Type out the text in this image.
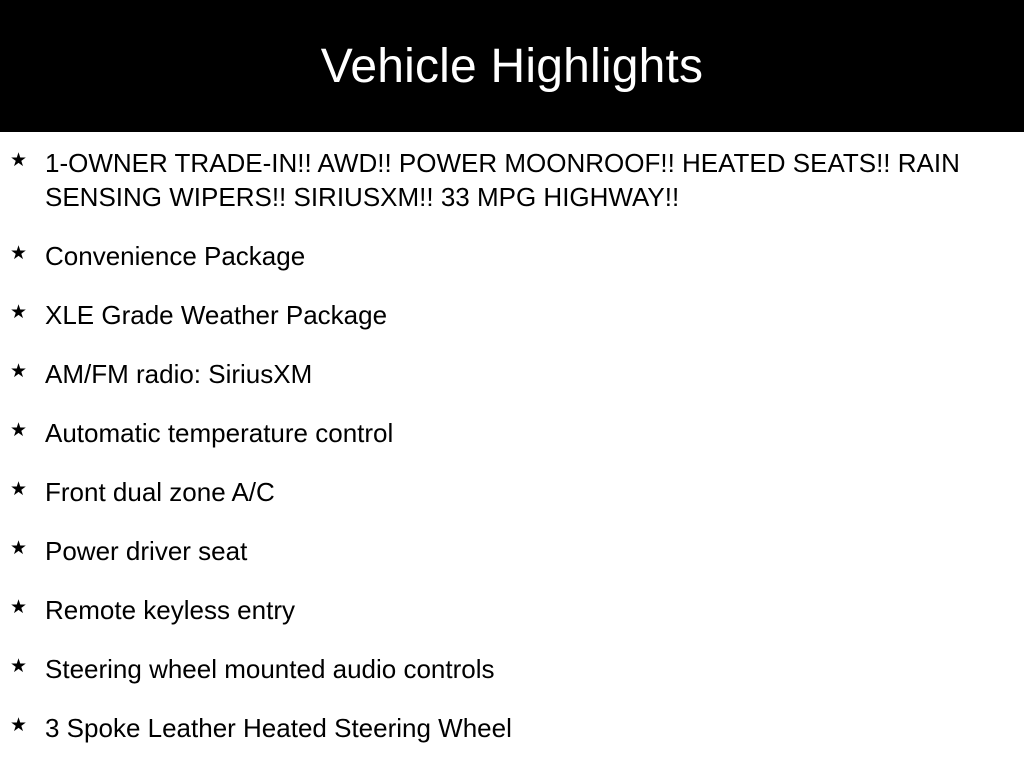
Vehicle Highlights
★ 1-OWNER TRADE-IN!! AWD!! POWER MOONROOF!! HEATED SEATS!! RAIN SENSING WIPERS!! SIRIUSXM!! 33 MPG HIGHWAY!!
★ Convenience Package
★ XLE Grade Weather Package
★ AM/FM radio: SiriusXM
★ Automatic temperature control
★ Front dual zone A/C
★ Power driver seat
★ Remote keyless entry
★ Steering wheel mounted audio controls
★ 3 Spoke Leather Heated Steering Wheel
